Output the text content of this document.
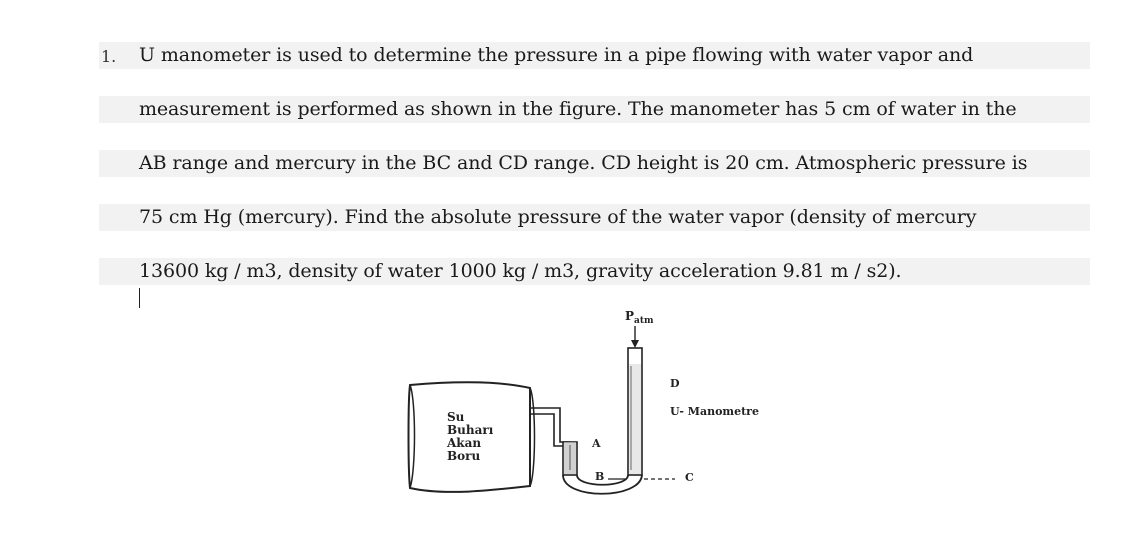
1. U manometer is used to determine the pressure in a pipe flowing with water vapor and
measurement is performed as shown in the figure. The manometer has 5 cm of water in the
AB range and mercury in the BC and CD range. CD height is 20 cm. Atmospheric pressure is
75 cm Hg (mercury). Find the absolute pressure of the water vapor (density of mercury
13600 kg / m3, density of water 1000 kg / m3, gravity acceleration 9.81 m / s2).
Su
Buharı
Akan
Boru
$P_{atm}$
A
B
D
C
U- Manometre
